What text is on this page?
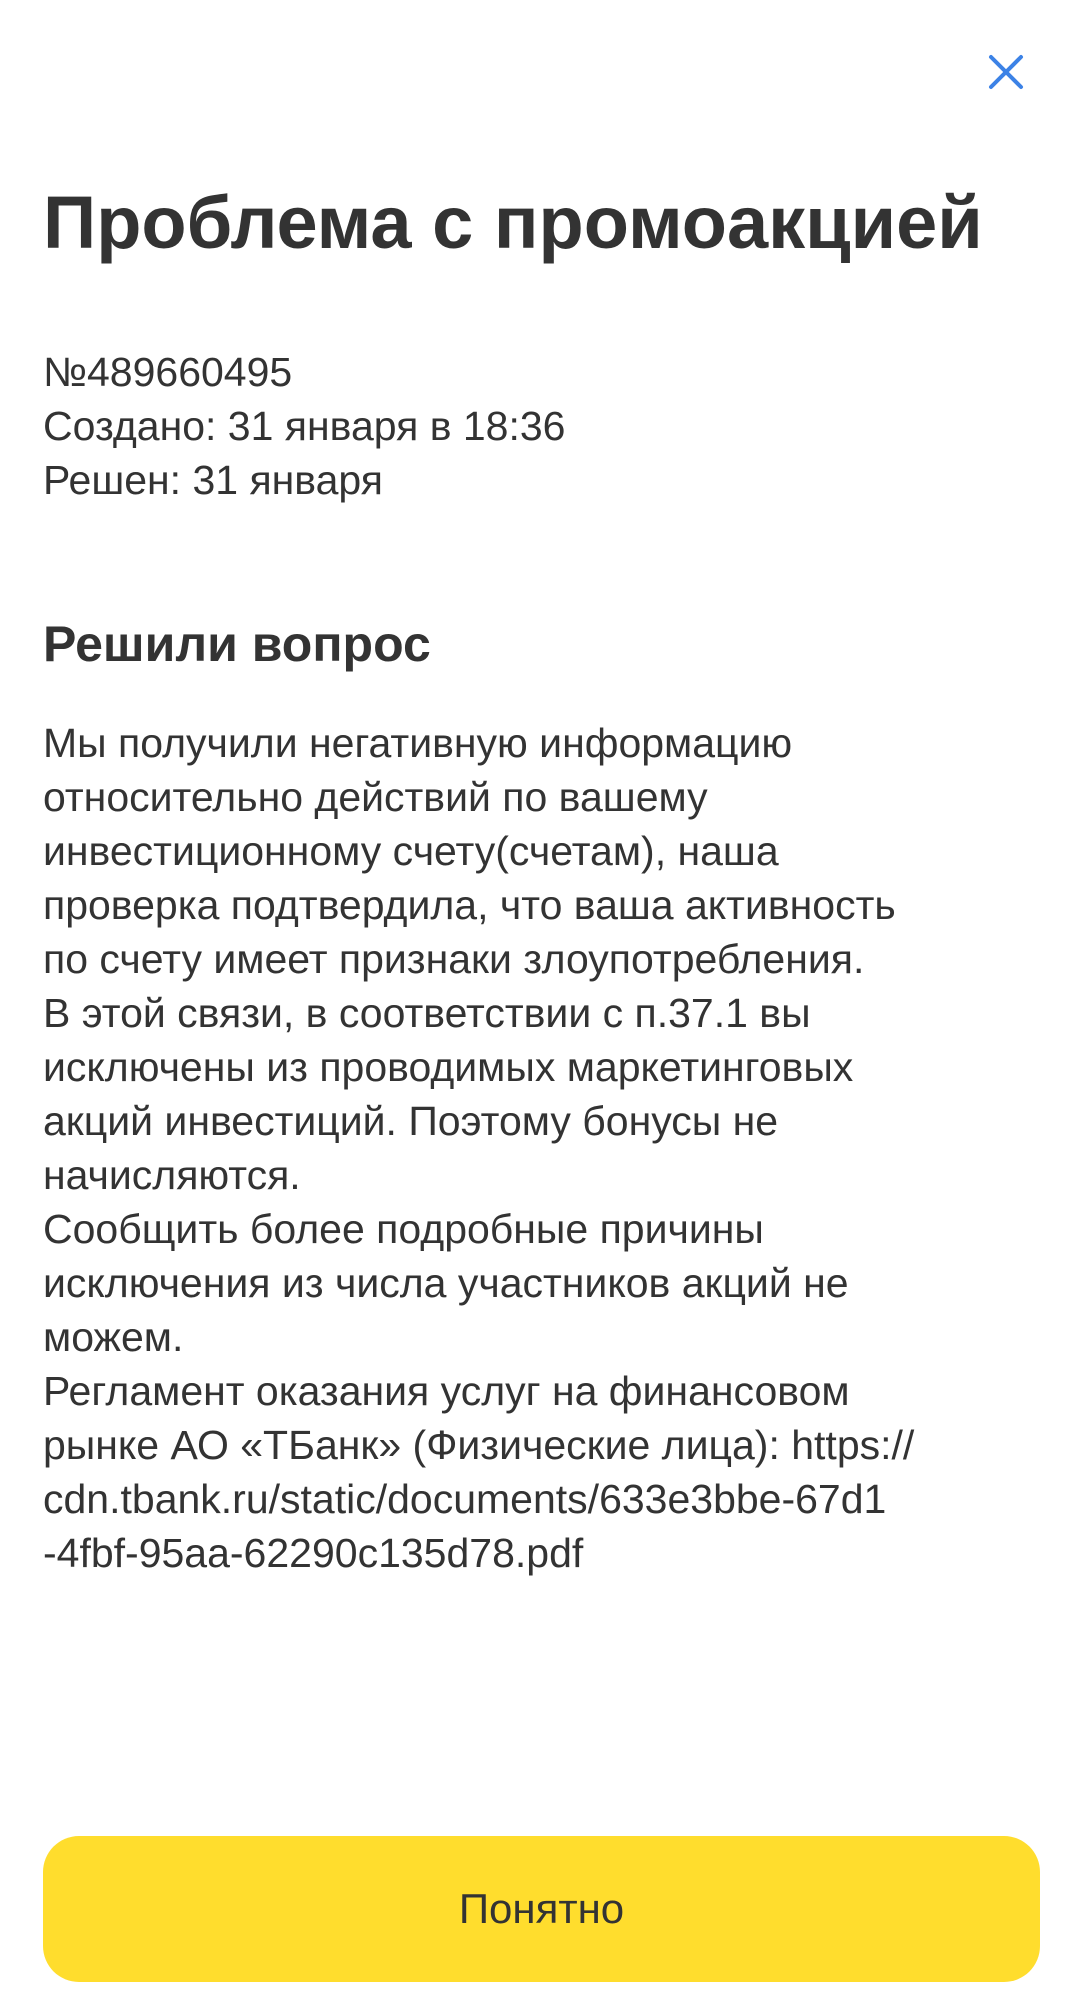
Проблема с промоакцией
№489660495
Создано: 31 января в 18:36
Решен: 31 января
Решили вопрос
Мы получили негативную информацию
относительно действий по вашему
инвестиционному счету(счетам), наша
проверка подтвердила, что ваша активность
по счету имеет признаки злоупотребления.
В этой связи, в соответствии с п.37.1 вы
исключены из проводимых маркетинговых
акций инвестиций. Поэтому бонусы не
начисляются.
Сообщить более подробные причины
исключения из числа участников акций не
можем.
Регламент оказания услуг на финансовом
рынке АО «ТБанк» (Физические лица): https://
cdn.tbank.ru/static/documents/633e3bbe-67d1
-4fbf-95aa-62290c135d78.pdf
Понятно
